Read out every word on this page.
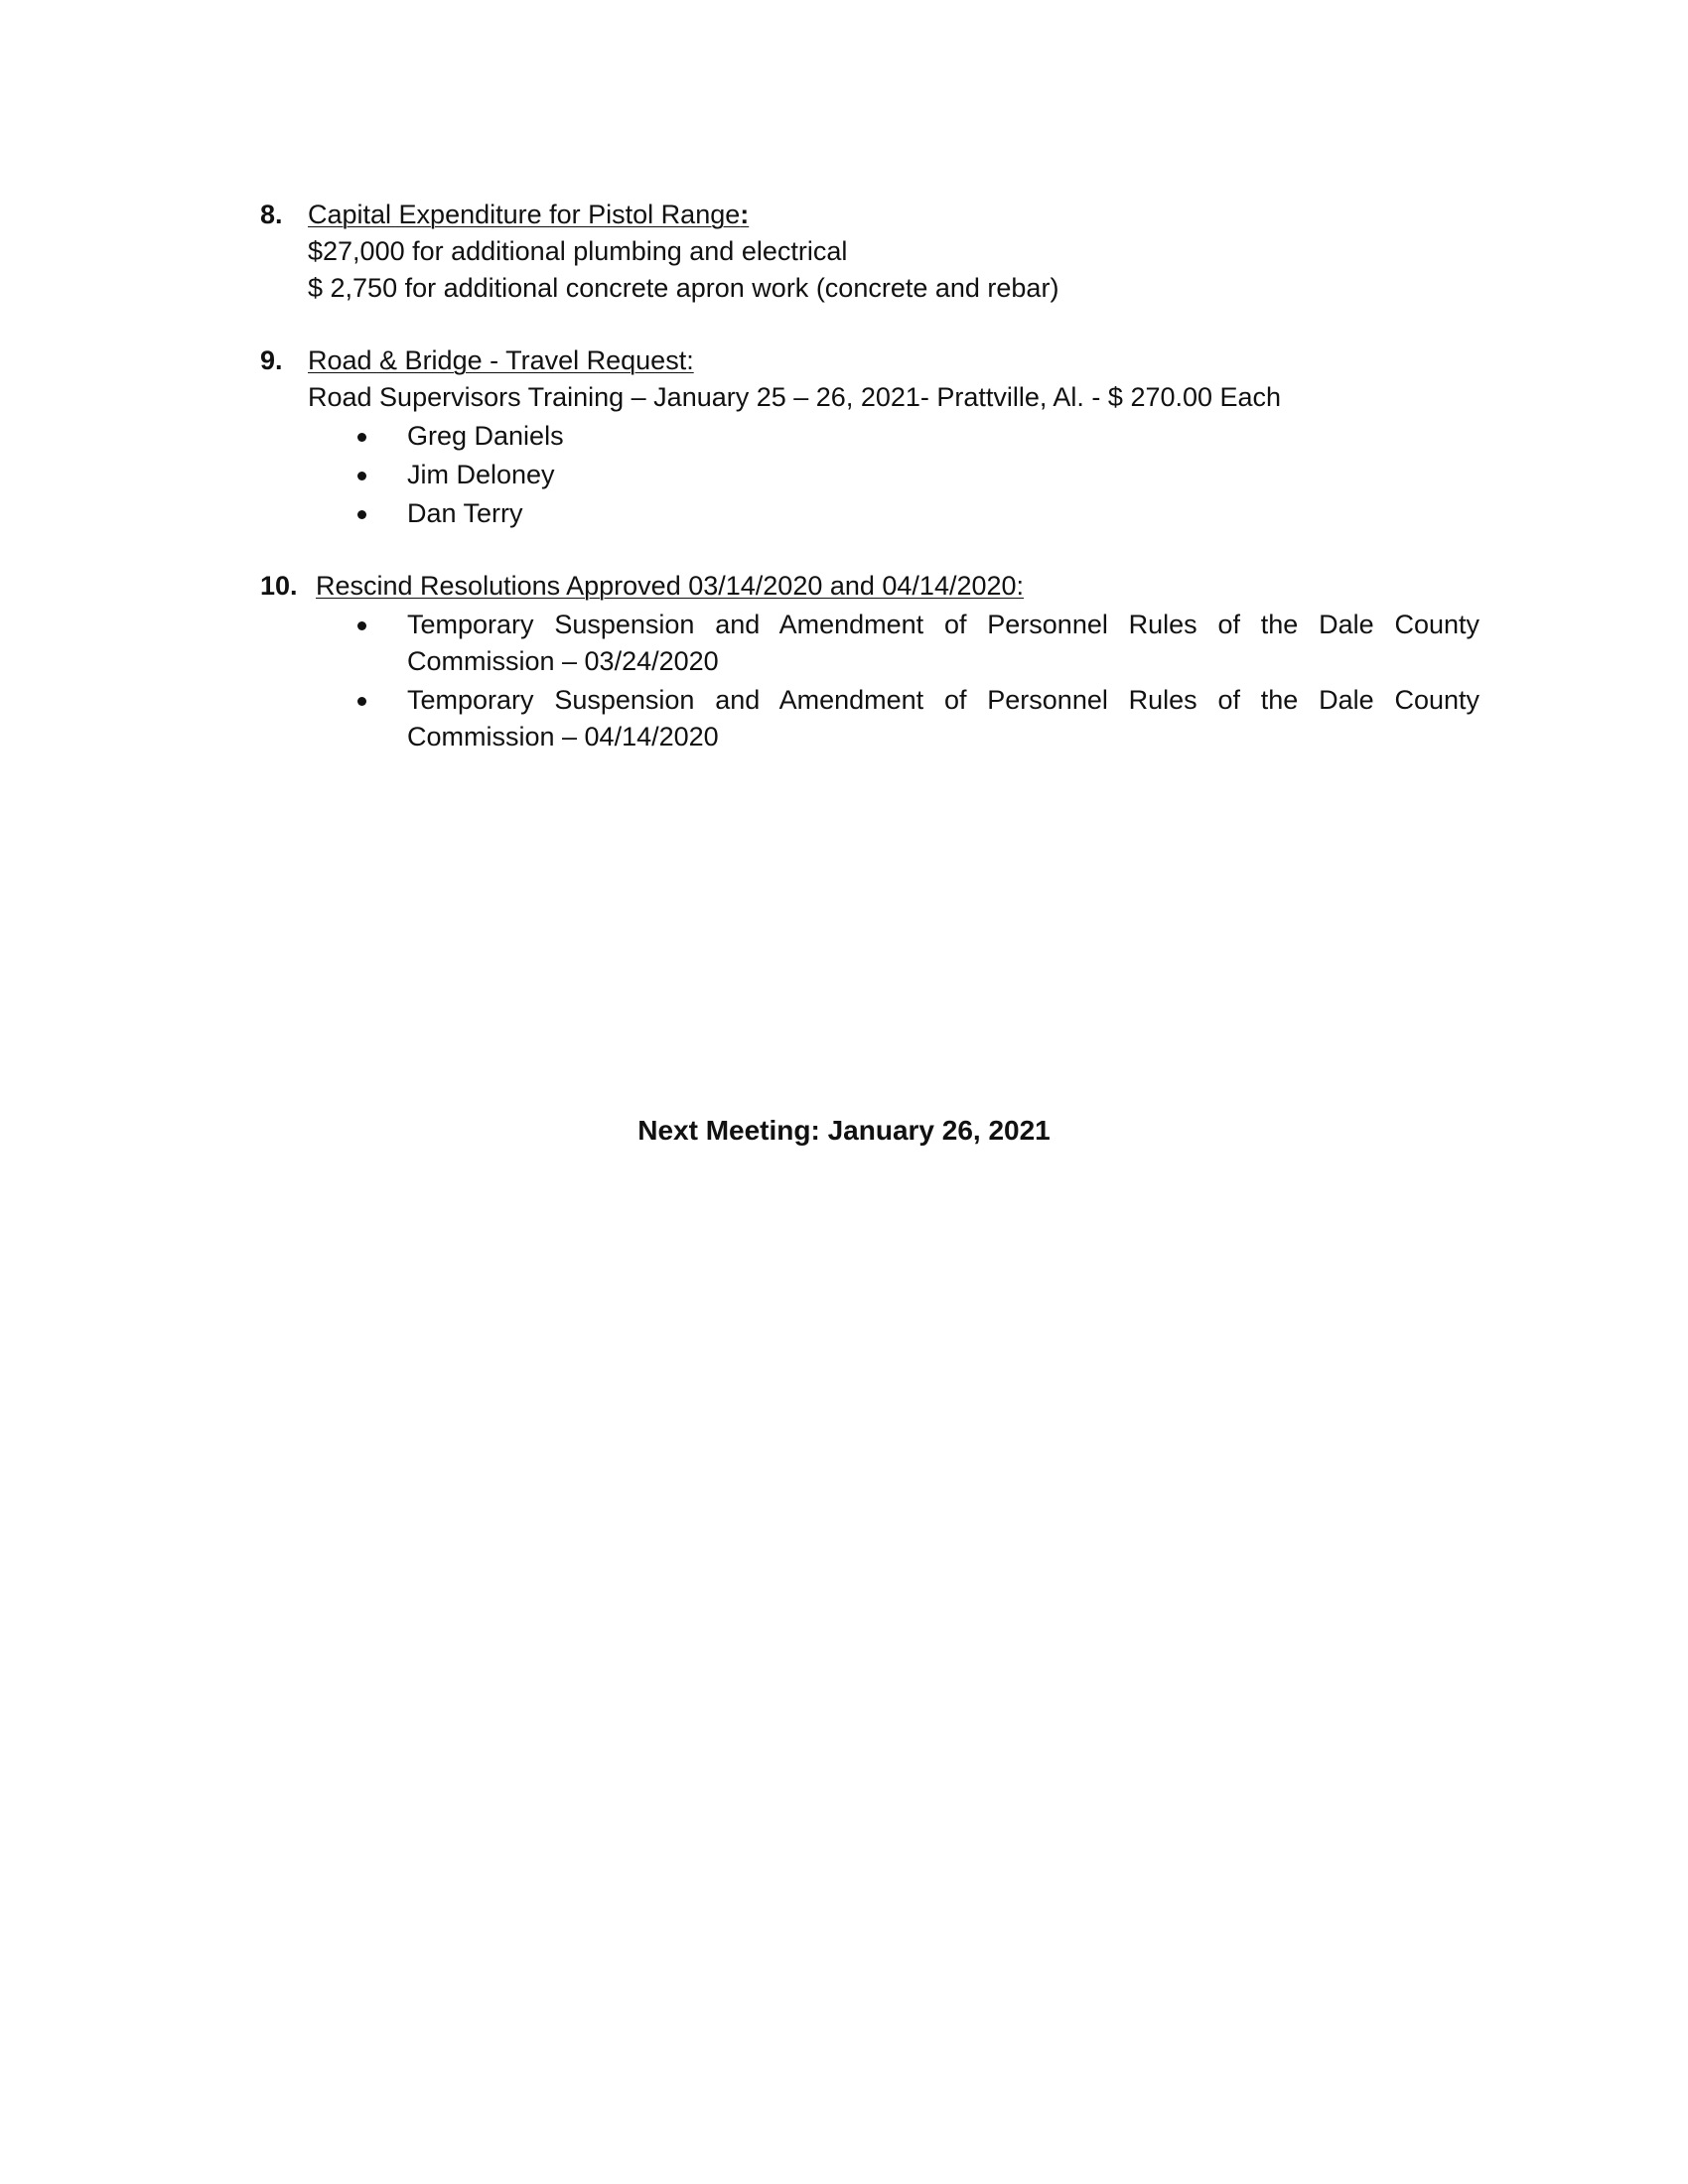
8. Capital Expenditure for Pistol Range:
$27,000 for additional plumbing and electrical
$ 2,750 for additional concrete apron work (concrete and rebar)
9. Road & Bridge - Travel Request:
Road Supervisors Training – January 25 – 26, 2021- Prattville, Al. - $ 270.00 Each
Greg Daniels
Jim Deloney
Dan Terry
10. Rescind Resolutions Approved 03/14/2020 and 04/14/2020:
Temporary Suspension and Amendment of Personnel Rules of the Dale County Commission – 03/24/2020
Temporary Suspension and Amendment of Personnel Rules of the Dale County Commission – 04/14/2020
Next Meeting: January 26, 2021
